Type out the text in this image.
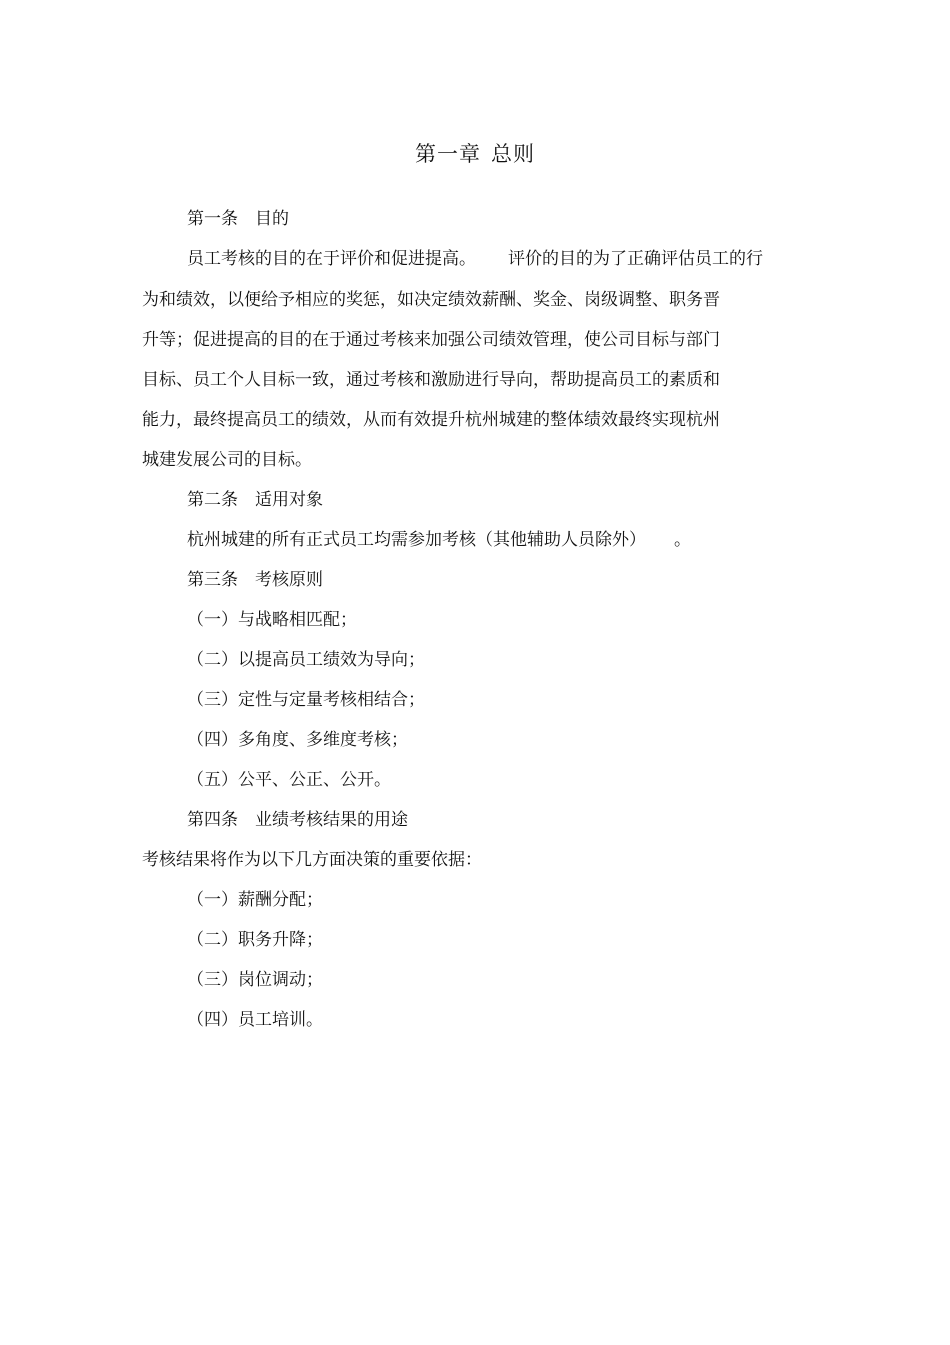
第一章 总则
第一条 目的
员工考核的目的在于评价和促进提高。 评价的目的为了正确评估员工的行
为和绩效，以便给予相应的奖惩，如决定绩效薪酬、奖金、岗级调整、职务晋
升等；促进提高的目的在于通过考核来加强公司绩效管理，使公司目标与部门
目标、员工个人目标一致，通过考核和激励进行导向，帮助提高员工的素质和
能力，最终提高员工的绩效，从而有效提升杭州城建的整体绩效最终实现杭州
城建发展公司的目标。
第二条 适用对象
杭州城建的所有正式员工均需参加考核（其他辅助人员除外） 。
第三条 考核原则
（一）与战略相匹配；
（二）以提高员工绩效为导向；
（三）定性与定量考核相结合；
（四）多角度、多维度考核；
（五）公平、公正、公开。
第四条 业绩考核结果的用途
考核结果将作为以下几方面决策的重要依据：
（一）薪酬分配；
（二）职务升降；
（三）岗位调动；
（四）员工培训。
